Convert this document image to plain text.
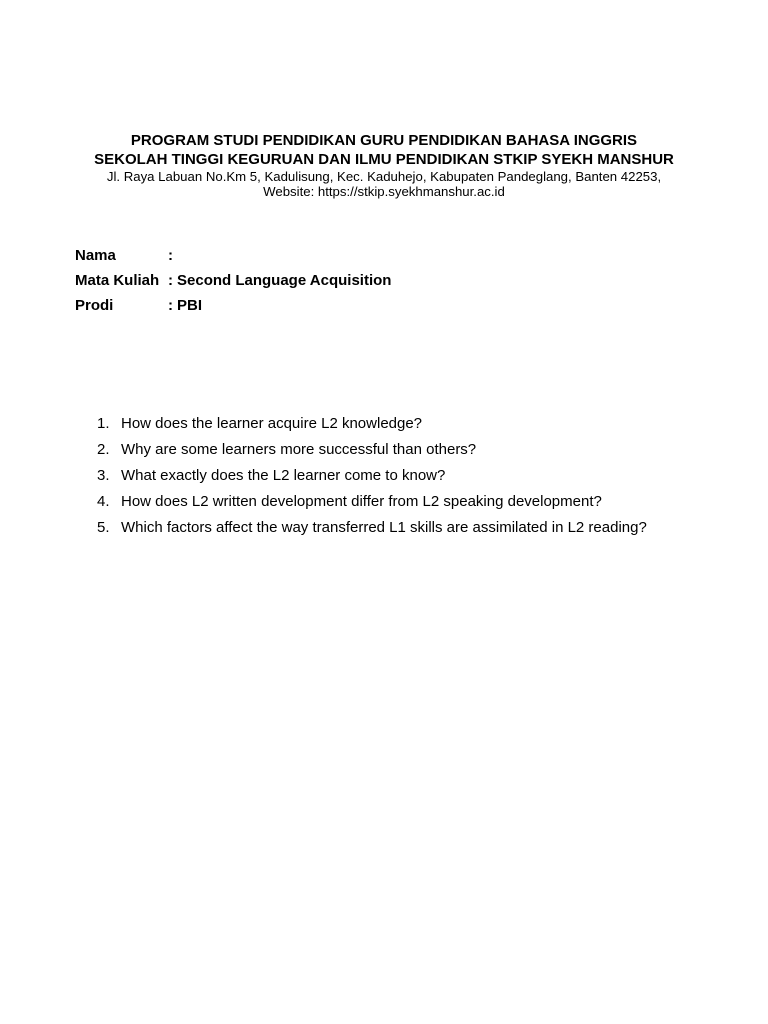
PROGRAM STUDI PENDIDIKAN GURU PENDIDIKAN BAHASA INGGRIS
SEKOLAH TINGGI KEGURUAN DAN ILMU PENDIDIKAN STKIP SYEKH MANSHUR
Jl. Raya Labuan No.Km 5, Kadulisung, Kec. Kaduhejo, Kabupaten Pandeglang, Banten 42253,
Website: https://stkip.syekhmanshur.ac.id
Nama	:
Mata Kuliah : Second Language Acquisition
Prodi	: PBI
1. How does the learner acquire L2 knowledge?
2. Why are some learners more successful than others?
3. What exactly does the L2 learner come to know?
4. How does L2 written development differ from L2 speaking development?
5. Which factors affect the way transferred L1 skills are assimilated in L2 reading?
